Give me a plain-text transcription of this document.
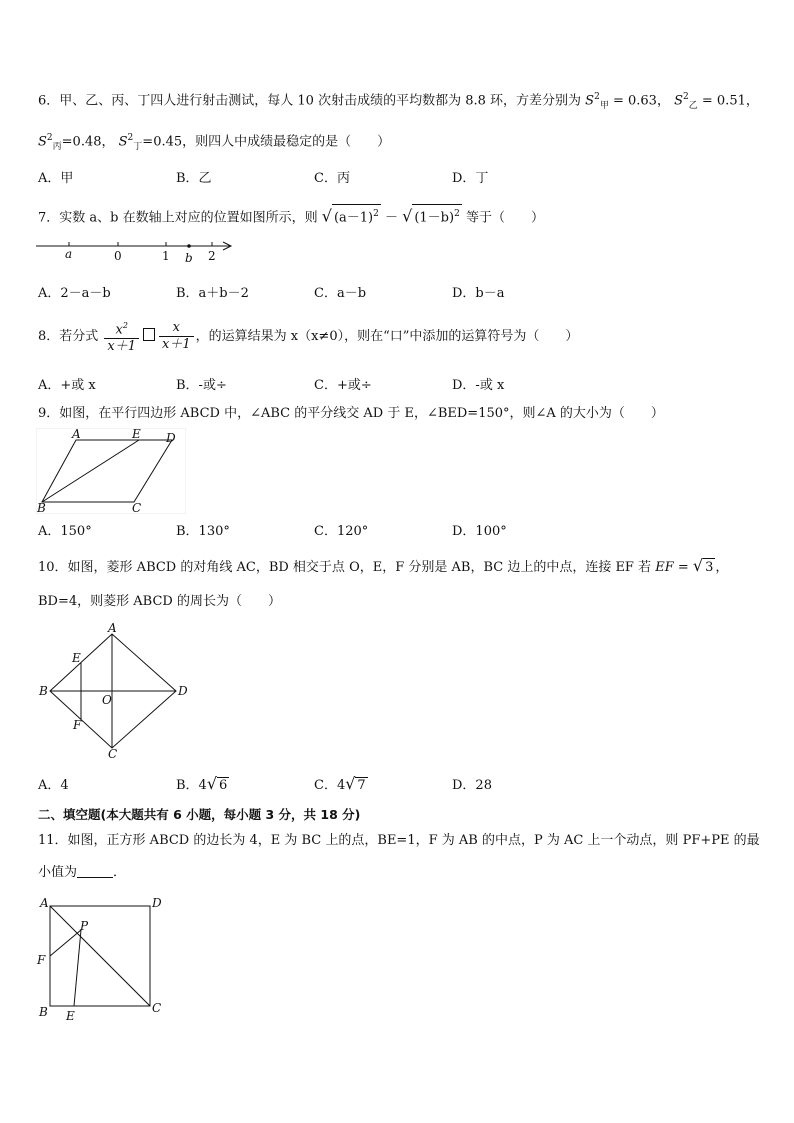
6．甲、乙、丙、丁四人进行射击测试，每人 10 次射击成绩的平均数都为 8.8 环，方差分别为 $S^2_甲 = 0.63$， $S^2_乙 = 0.51$，
$S^2_丙=0.48$， $S^2_丁=0.45$，则四人中成绩最稳定的是（　　）
A．甲	B．乙	C．丙	D．丁
7．实数 a、b 在数轴上对应的位置如图所示，则 √ $(a-1)^2$ － √ $(1-b)^2$ 等于（　　）
a	0	1 b 2
A．2－a－b	B．a＋b－2	C．a－b	D．b－a
8．若分式 $\frac{x^2}{x+1} \frac{x}{x+1}$ ，的运算结果为 x（x≠0），则在“口”中添加的运算符号为（　　）
A．+或 x	B．-或÷	C．+或÷	D．-或 x
9．如图，在平行四边形 ABCD 中，∠ABC 的平分线交 AD 于 E，∠BED=150°，则∠A 的大小为（　　）
A	E D
B	C
A．150°	B．130°	C．120°	D．100°
10．如图，菱形 ABCD 的对角线 AC，BD 相交于点 O，E，F 分别是 AB，BC 边上的中点，连接 EF 若 EF = √ 3 ，
BD=4，则菱形 ABCD 的周长为（　　）
A
E
B
O
D
F
C
A．4	B．4√ 6	C．4√ 7	D．28
二、填空题(本大题共有 6 小题，每小题 3 分，共 18 分)
11．如图，正方形 ABCD 的边长为 4，E 为 BC 上的点，BE=1，F 为 AB 的中点，P 为 AC 上一个动点，则 PF+PE 的最
小值为	．
A	D
P
F
B E
C
